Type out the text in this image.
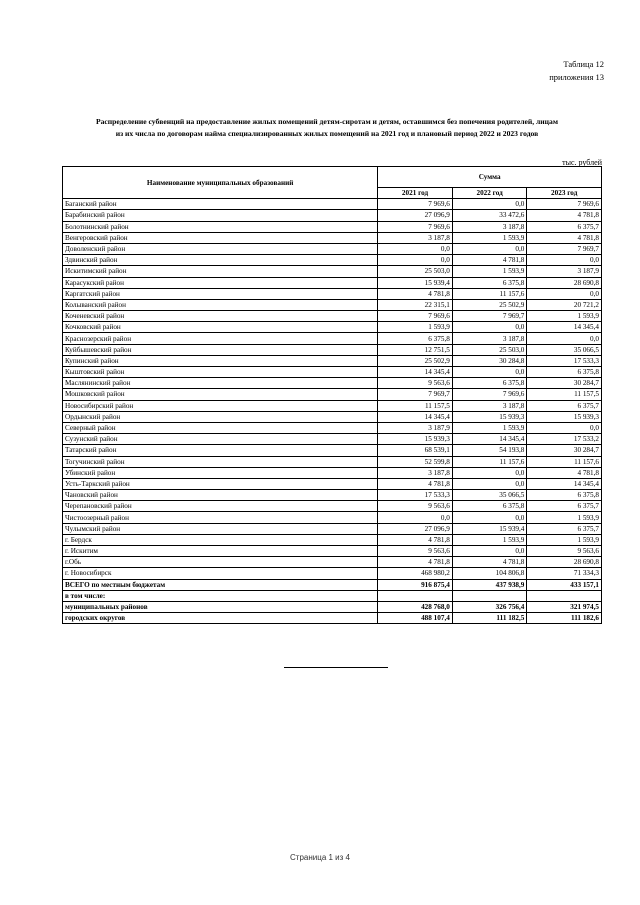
Таблица 12
приложения 13
Распределение субвенций на предоставление жилых помещений детям-сиротам и детям, оставшимся без попечения родителей, лицам
из их числа по договорам найма специализированных жилых помещений на 2021 год и плановый период 2022 и 2023 годов
тыс. рублей
Наименование муниципальных образований	Сумма		
	2021 год	2022 год	2023 год
Баганский район	7 969,6	0,0	7 969,6
Барабинский район	27 096,9	33 472,6	4 781,8
Болотнинский район	7 969,6	3 187,8	6 375,7
Венгеровский район	3 187,8	1 593,9	4 781,8
Доволенский район	0,0	0,0	7 969,7
Здвинский район	0,0	4 781,8	0,0
Искитимский район	25 503,0	1 593,9	3 187,9
Карасукский район	15 939,4	6 375,8	28 690,8
Каргатский район	4 781,8	11 157,6	0,0
Колыванский район	22 315,1	25 502,9	20 721,2
Коченевский район	7 969,6	7 969,7	1 593,9
Кочковский район	1 593,9	0,0	14 345,4
Краснозерский район	6 375,8	3 187,8	0,0
Куйбышевский район	12 751,5	25 503,0	35 066,5
Купинский район	25 502,9	30 284,8	17 533,3
Кыштовский район	14 345,4	0,0	6 375,8
Маслянинский район	9 563,6	6 375,8	30 284,7
Мошковский район	7 969,7	7 969,6	11 157,5
Новосибирский район	11 157,5	3 187,8	6 375,7
Ордынский район	14 345,4	15 939,3	15 939,3
Северный район	3 187,9	1 593,9	0,0
Сузунский район	15 939,3	14 345,4	17 533,2
Татарский район	68 539,1	54 193,8	30 284,7
Тогучинский район	52 599,8	11 157,6	11 157,6
Убинский район	3 187,8	0,0	4 781,8
Усть-Таркский район	4 781,8	0,0	14 345,4
Чановский район	17 533,3	35 066,5	6 375,8
Черепановский район	9 563,6	6 375,8	6 375,7
Чистоозерный район	0,0	0,0	1 593,9
Чулымский район	27 096,9	15 939,4	6 375,7
г. Бердск	4 781,8	1 593,9	1 593,9
г. Искитим	9 563,6	0,0	9 563,6
г.Обь	4 781,8	4 781,8	28 690,8
г. Новосибирск	468 980,2	104 806,8	71 334,3
ВСЕГО по местным бюджетам	916 875,4	437 938,9	433 157,1
в том числе:			
муниципальных районов	428 768,0	326 756,4	321 974,5
городских округов	488 107,4	111 182,5	111 182,6
Страница 1 из 4
